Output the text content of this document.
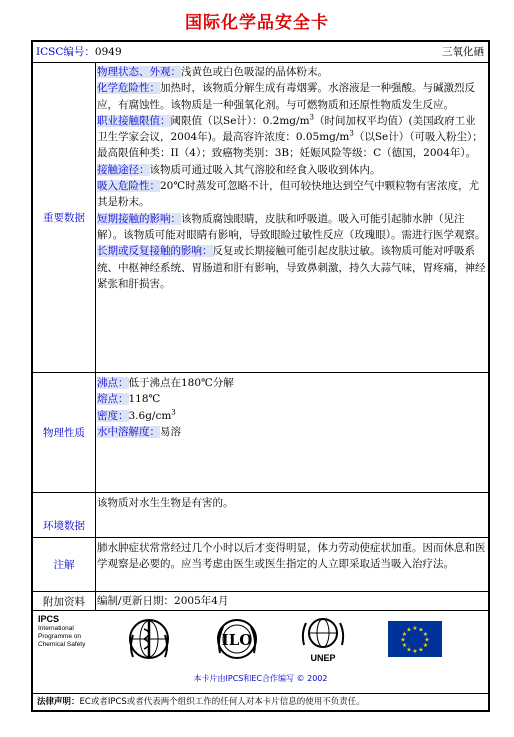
国际化学品安全卡
ICSC编号：0949	三氧化硒
重要数据
物理状态、外观：浅黄色或白色吸湿的晶体粉末。
化学危险性：加热时，该物质分解生成有毒烟雾。水溶液是一种强酸。与碱激烈反应，有腐蚀性。该物质是一种强氧化剂。与可燃物质和还原性物质发生反应。
职业接触限值：阈限值（以Se计）：$0.2mg/m^3$（时间加权平均值）(美国政府工业卫生学家会议，2004年)。最高容许浓度：$0.05mg/m^3$（以Se计）（可吸入粉尘）；最高限值种类：II（4）；致癌物类别：3B；妊娠风险等级：C（德国，2004年）。
接触途径：该物质可通过吸入其气溶胶和经食入吸收到体内。
吸入危险性：20℃时蒸发可忽略不计，但可较快地达到空气中颗粒物有害浓度，尤其是粉末。
短期接触的影响：该物质腐蚀眼睛，皮肤和呼吸道。吸入可能引起肺水肿（见注解）。该物质可能对眼睛有影响，导致眼睑过敏性反应（玫瑰眼）。需进行医学观察。
长期或反复接触的影响：反复或长期接触可能引起皮肤过敏。该物质可能对呼吸系统、中枢神经系统、胃肠道和肝有影响，导致鼻刺激，持久大蒜气味，胃疼痛，神经紧张和肝损害。
物理性质
沸点：低于沸点在180℃分解
熔点：118℃
密度：$3.6g/cm^3$
水中溶解度：易溶
环境数据
该物质对水生生物是有害的。
注解
肺水肿症状常常经过几个小时以后才变得明显，体力劳动使症状加重。因而休息和医学观察是必要的。应当考虑由医生或医生指定的人立即采取适当吸入治疗法。
附加资料	编制/更新日期：2005年4月
IPCS
International
Programme on
Chemical Safety	ILO
UNEP
★ ★
★
★
★
★
★
★
★
★
★
★
本卡片由IPCS和EC合作编写 © 2002
法律声明：EC或者IPCS或者代表两个组织工作的任何人对本卡片信息的使用不负责任。
